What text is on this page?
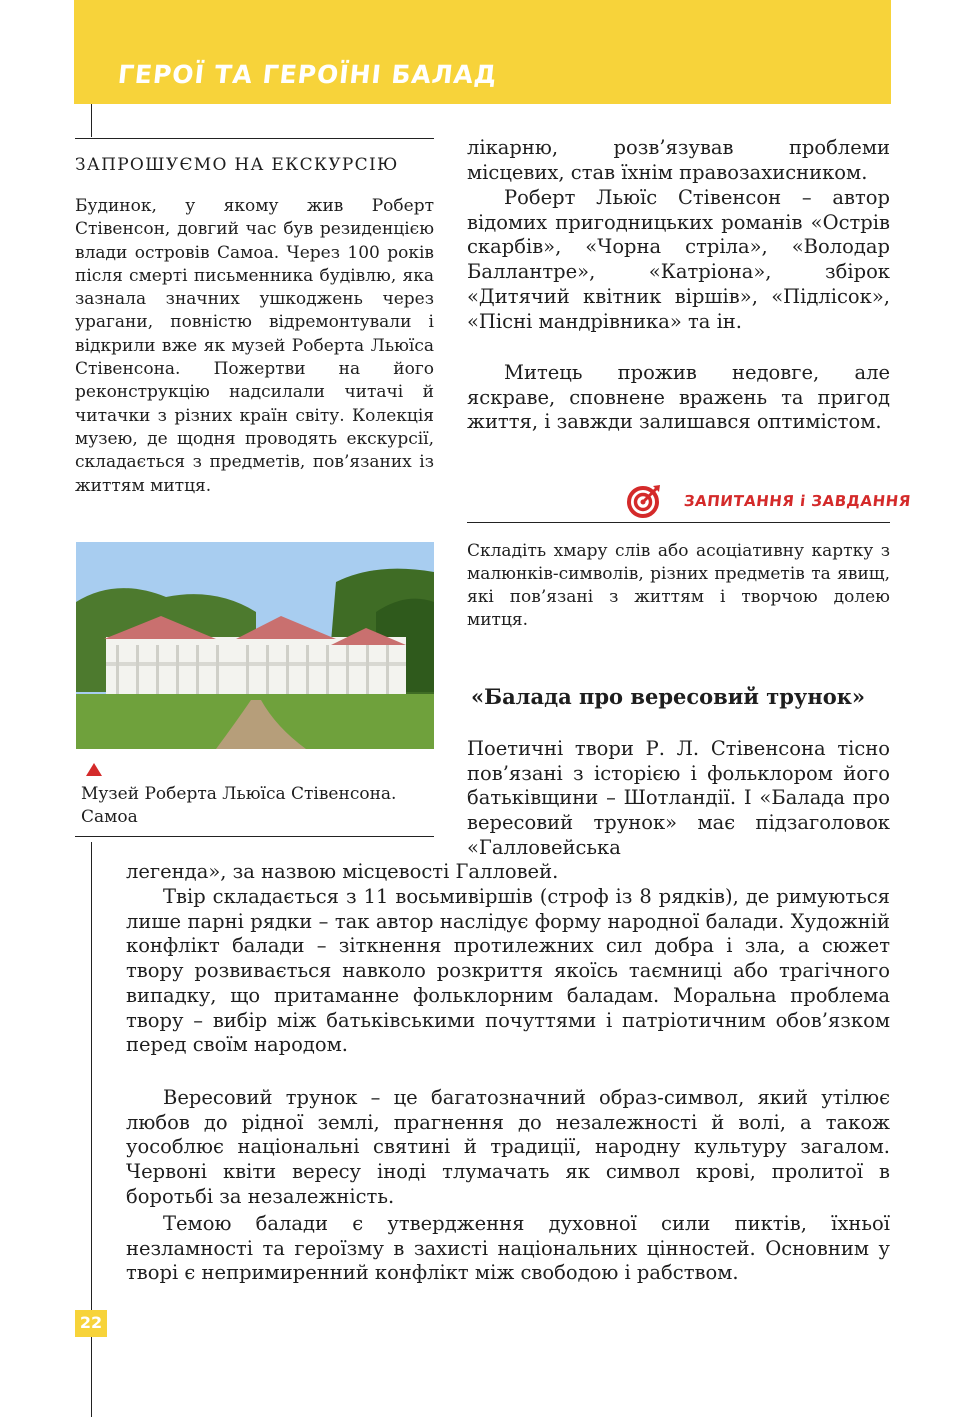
ГЕРОЇ ТА ГЕРОЇНІ БАЛАД
ЗАПРОШУЄМО НА ЕКСКУРСІЮ

Будинок, у якому жив Роберт Стівенсон, довгий час був резиденцією влади островів Самоа. Через 100 років після смерті письменника будівлю, яка зазнала значних ушкоджень через урагани, повністю відремонтували і відкрили вже як музей Роберта Льюїса Стівенсона. Пожертви на його реконструкцію надсилали читачі й читачки з різних країн світу. Колекція музею, де щодня проводять екскурсії, складається з предметів, пов’язаних із життям митця.

Музей Роберта Льюїса Стівенсона. Самоа

лікарню, розв’язував проблеми місцевих, став їхнім правозахисником.

Роберт Льюїс Стівенсон – автор відомих пригодницьких романів «Острів скарбів», «Чорна стріла», «Володар Баллантре», «Катріона», збірок «Дитячий квітник віршів», «Підлісок», «Пісні мандрівника» та ін.

Митець прожив недовге, але яскраве, сповнене вражень та пригод життя, і завжди залишався оптимістом.

ЗАПИТАННЯ і ЗАВДАННЯ

Складіть хмару слів або асоціативну картку з малюнків-символів, різних предметів та явищ, які пов’язані з життям і творчою долею митця.

«Балада про вересовий трунок»

Поетичні твори Р. Л. Стівенсона тісно пов’язані з історією і фольклором його батьківщини – Шотландії. І «Балада про вересовий трунок» має підзаголовок «Галловейська

легенда», за назвою місцевості Галловей.

Твір складається з 11 восьмивіршів (строф із 8 рядків), де римуються лише парні рядки – так автор наслідує форму народної балади. Художній конфлікт балади – зіткнення протилежних сил добра і зла, а сюжет твору розвивається навколо розкриття якоїсь таємниці або трагічного випадку, що притаманне фольклорним баладам. Моральна проблема твору – вибір між батьківськими почуттями і патріотичним обов’язком перед своїм народом.

Вересовий трунок – це багатозначний образ-символ, який утілює любов до рідної землі, прагнення до незалежності й волі, а також уособлює національні святині й традиції, народну культуру загалом. Червоні квіти вересу іноді тлумачать як символ крові, пролитої в боротьбі за незалежність.

Темою балади є утвердження духовної сили пиктів, їхньої незламності та героїзму в захисті національних цінностей. Основним у творі є непримиренний конфлікт між свободою і рабством.

22
